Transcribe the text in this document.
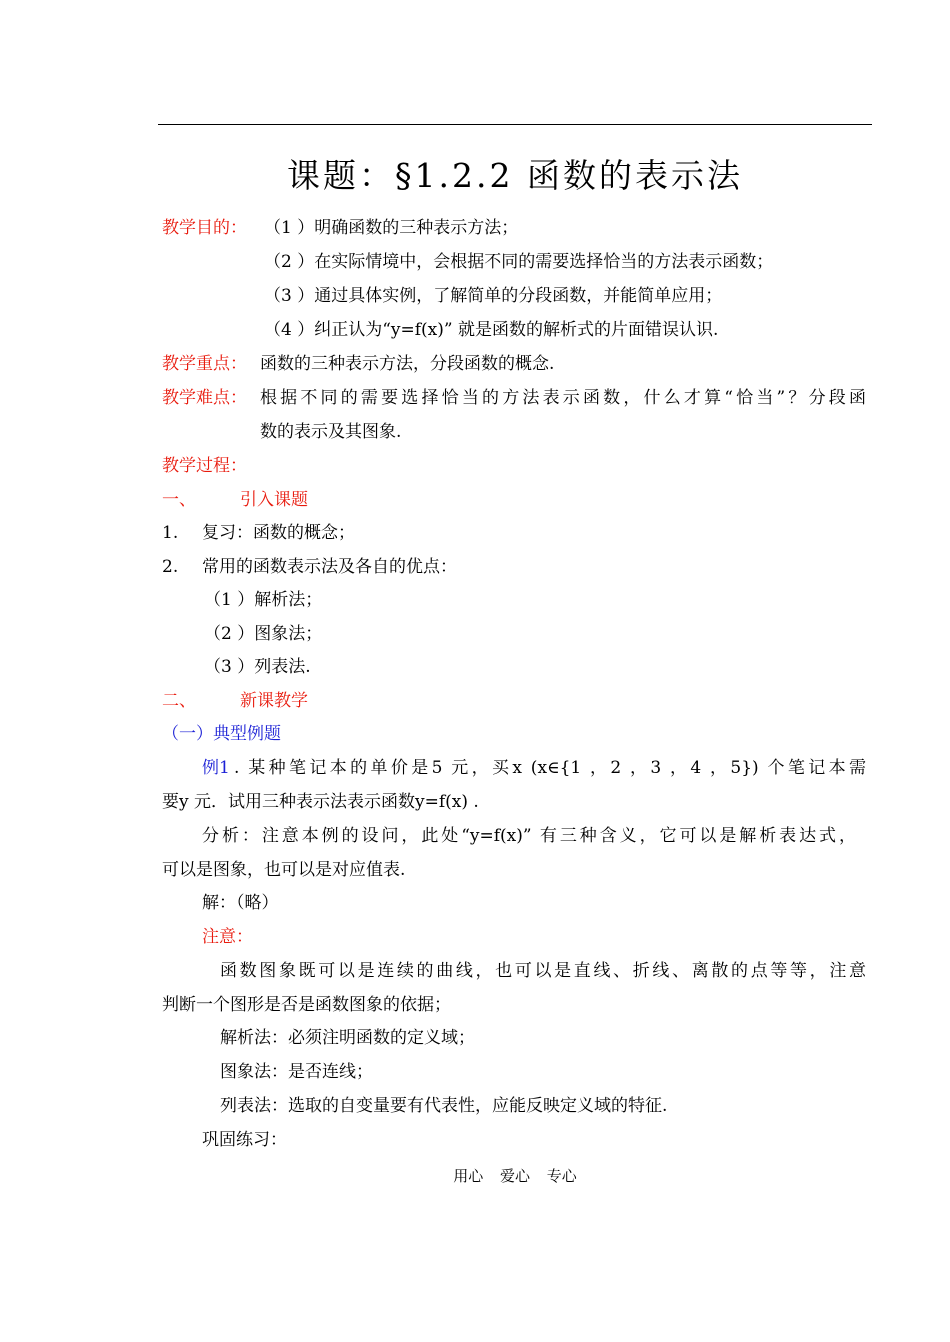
课题：§1.2.2 函数的表示法
教学目的： （1 ）明确函数的三种表示方法；
（2 ）在实际情境中，会根据不同的需要选择恰当的方法表示函数；
（3 ）通过具体实例，了解简单的分段函数，并能简单应用；
（4 ）纠正认为“y=f(x)” 就是函数的解析式的片面错误认识.
教学重点： 函数的三种表示方法，分段函数的概念.
教学难点： 根据不同的需要选择恰当的方法表示函数，什么才算“恰当”？分段函
数的表示及其图象.
教学过程：
一、	引入课题
1. 复习：函数的概念；
2. 常用的函数表示法及各自的优点：
（1 ）解析法；
（2 ）图象法；
（3 ）列表法.
二、	新课教学
（一）典型例题
例1 . 某种笔记本的单价是5 元，买x (x∈{1 ，2 ，3 ，4 ，5}) 个笔记本需
要y 元．试用三种表示法表示函数y=f(x) .
分析：注意本例的设问，此处“y=f(x)” 有三种含义，它可以是解析表达式，
可以是图象，也可以是对应值表.
解：（略）
注意：
函数图象既可以是连续的曲线，也可以是直线、折线、离散的点等等，注意
判断一个图形是否是函数图象的依据；
解析法：必须注明函数的定义域；
图象法：是否连线；
列表法：选取的自变量要有代表性，应能反映定义域的特征.
巩固练习：
用心 爱心 专心
